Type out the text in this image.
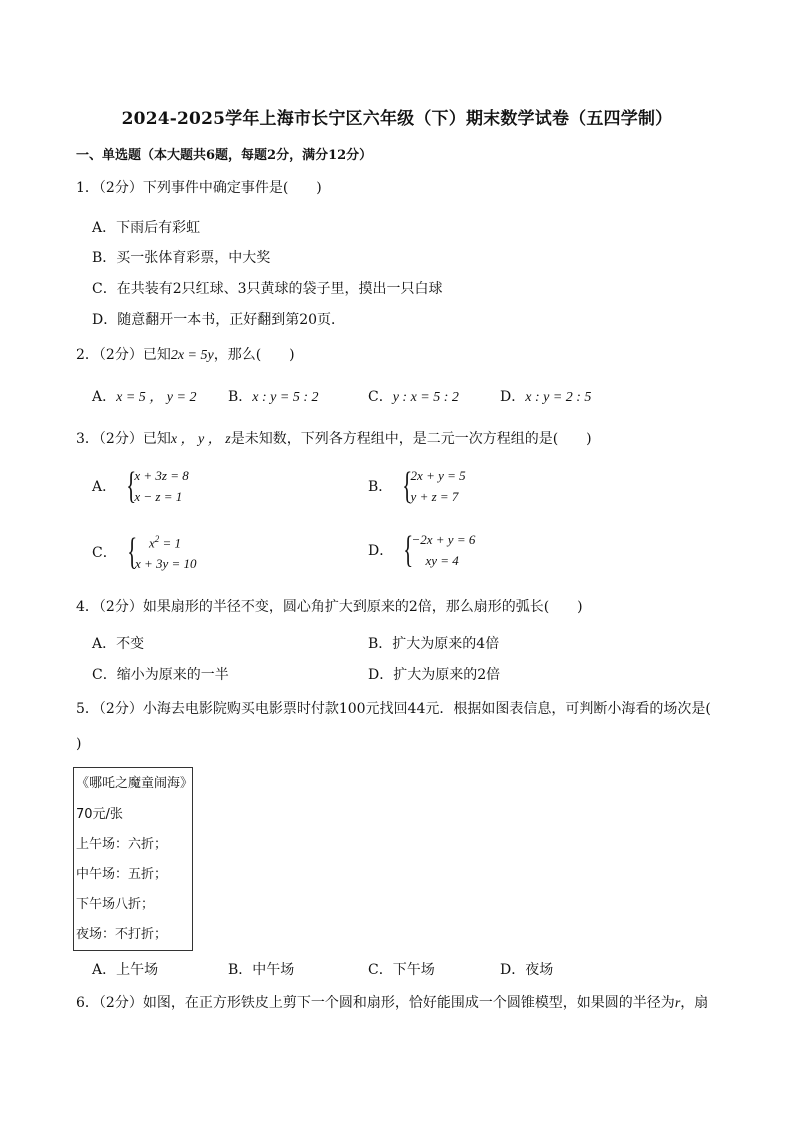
2024-2025学年上海市长宁区六年级（下）期末数学试卷（五四学制）
一、单选题（本大题共6题，每题2分，满分12分）
1．（2分）下列事件中确定事件是(　　)
A．下雨后有彩虹
B．买一张体育彩票，中大奖
C．在共装有2只红球、3只黄球的袋子里，摸出一只白球
D．随意翻开一本书，正好翻到第20页．
2．（2分）已知2x = 5y，那么(　　)
A．x = 5 ， y = 2 B．x : y = 5 : 2	C．y : x = 5 : 2	D．x : y = 2 : 5
3．（2分）已知x ， y ， z是未知数，下列各方程组中，是二元一次方程组的是(　　)
A． {
x + 3z = 8
x − z = 1
B． {
2x + y = 5
y + z = 7
C． { $x^2 = 1$
x + 3y = 10
D． {
−2x + y = 6
xy = 4
4．（2分）如果扇形的半径不变，圆心角扩大到原来的2倍，那么扇形的弧长(　　)
A．不变	B．扩大为原来的4倍
C．缩小为原来的一半	D．扩大为原来的2倍
5．（2分）小海去电影院购买电影票时付款100元找回44元．根据如图表信息，可判断小海看的场次是(
)
《哪吒之魔童闹海》
70元/张
上午场：六折；
中午场：五折；
下午场八折；
夜场：不打折；
A．上午场	B．中午场	C．下午场	D．夜场
6．（2分）如图，在正方形铁皮上剪下一个圆和扇形，恰好能围成一个圆锥模型，如果圆的半径为r，扇
